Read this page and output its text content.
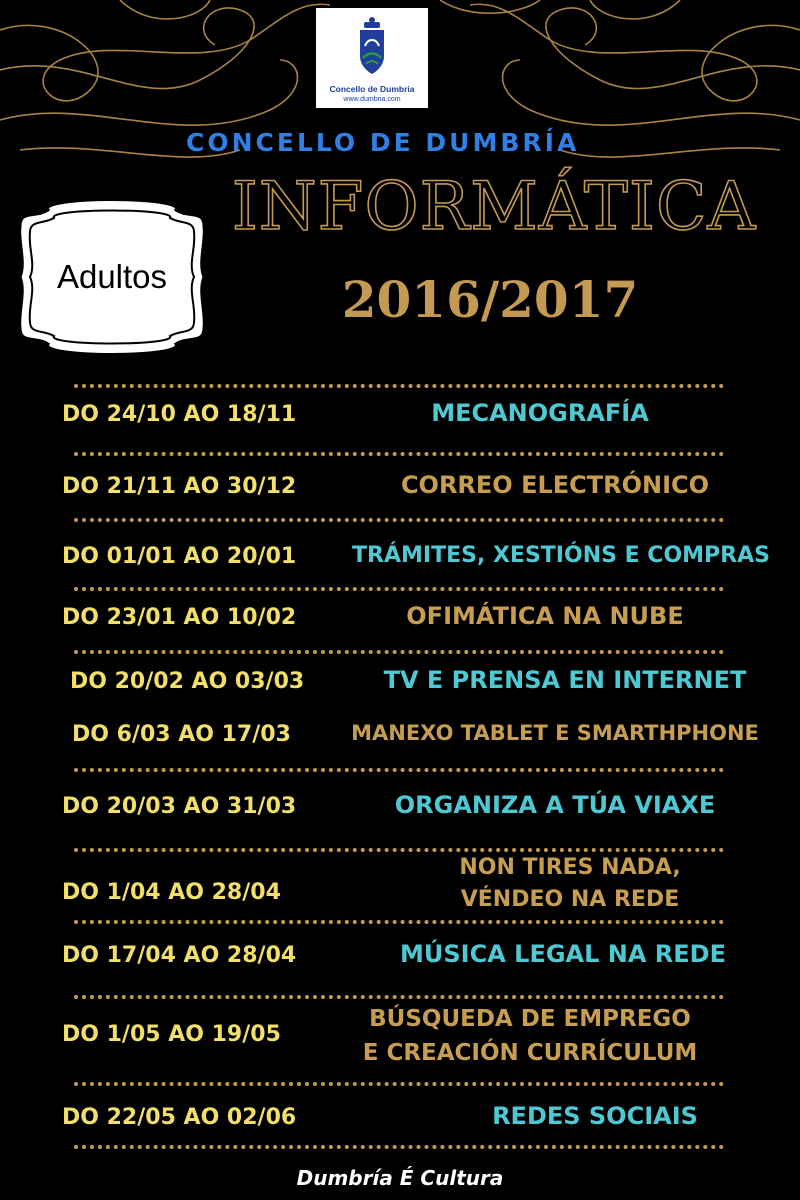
Concello de Dumbria
www.dumbria.com
CONCELLO DE DUMBRÍA
INFORMÁTICA
2016/2017
Adultos
DO 24/10 AO 18/11	MECANOGRAFÍA
DO 21/11 AO 30/12	CORREO ELECTRÓNICO
DO 01/01 AO 20/01	TRÁMITES, XESTIÓNS E COMPRAS
DO 23/01 AO 10/02	OFIMÁTICA NA NUBE
DO 20/02 AO 03/03	TV E PRENSA EN INTERNET
DO 6/03 AO 17/03	MANEXO TABLET E SMARTHPHONE
DO 20/03 AO 31/03	ORGANIZA A TÚA VIAXE
DO 1/04 AO 28/04
NON TIRES NADA,
VÉNDEO NA REDE
DO 17/04 AO 28/04	MÚSICA LEGAL NA REDE
DO 1/05 AO 19/05
BÚSQUEDA DE EMPREGO
E CREACIÓN CURRÍCULUM
DO 22/05 AO 02/06	REDES SOCIAIS
Dumbría É Cultura
